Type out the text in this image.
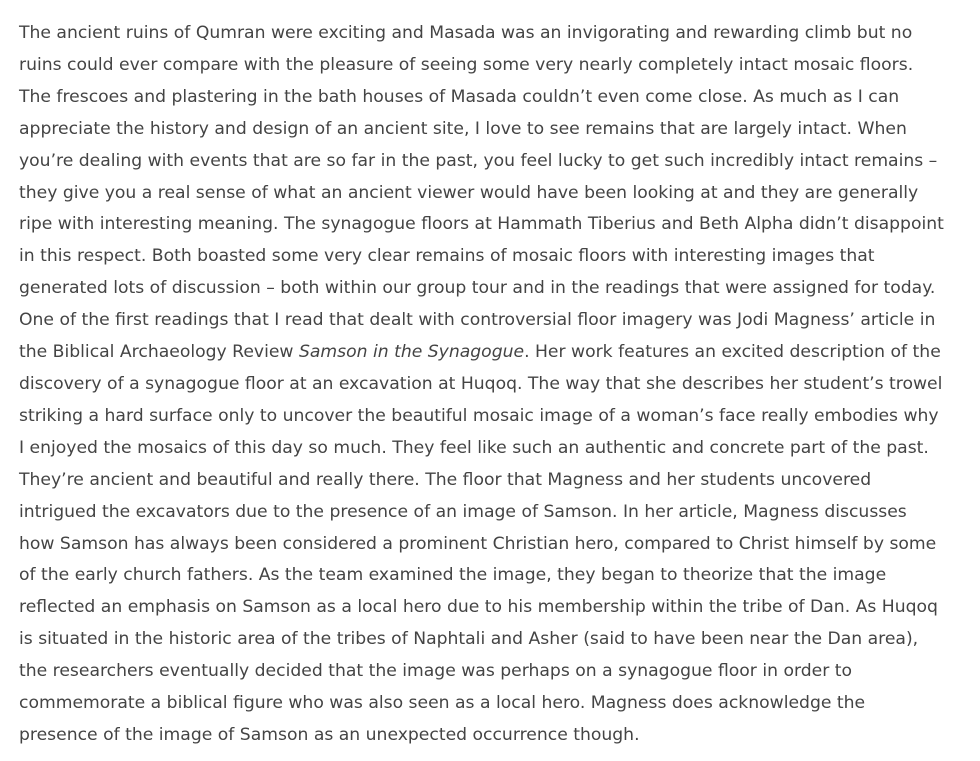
The ancient ruins of Qumran were exciting and Masada was an invigorating and rewarding climb but no ruins could ever compare with the pleasure of seeing some very nearly completely intact mosaic floors. The frescoes and plastering in the bath houses of Masada couldn’t even come close. As much as I can appreciate the history and design of an ancient site, I love to see remains that are largely intact. When you’re dealing with events that are so far in the past, you feel lucky to get such incredibly intact remains – they give you a real sense of what an ancient viewer would have been looking at and they are generally ripe with interesting meaning. The synagogue floors at Hammath Tiberius and Beth Alpha didn’t disappoint in this respect. Both boasted some very clear remains of mosaic floors with interesting images that generated lots of discussion – both within our group tour and in the readings that were assigned for today. One of the first readings that I read that dealt with controversial floor imagery was Jodi Magness’ article in the Biblical Archaeology Review Samson in the Synagogue. Her work features an excited description of the discovery of a synagogue floor at an excavation at Huqoq. The way that she describes her student’s trowel striking a hard surface only to uncover the beautiful mosaic image of a woman’s face really embodies why I enjoyed the mosaics of this day so much. They feel like such an authentic and concrete part of the past. They’re ancient and beautiful and really there. The floor that Magness and her students uncovered intrigued the excavators due to the presence of an image of Samson. In her article, Magness discusses how Samson has always been considered a prominent Christian hero, compared to Christ himself by some of the early church fathers. As the team examined the image, they began to theorize that the image reflected an emphasis on Samson as a local hero due to his membership within the tribe of Dan. As Huqoq is situated in the historic area of the tribes of Naphtali and Asher (said to have been near the Dan area), the researchers eventually decided that the image was perhaps on a synagogue floor in order to commemorate a biblical figure who was also seen as a local hero. Magness does acknowledge the presence of the image of Samson as an unexpected occurrence though.
